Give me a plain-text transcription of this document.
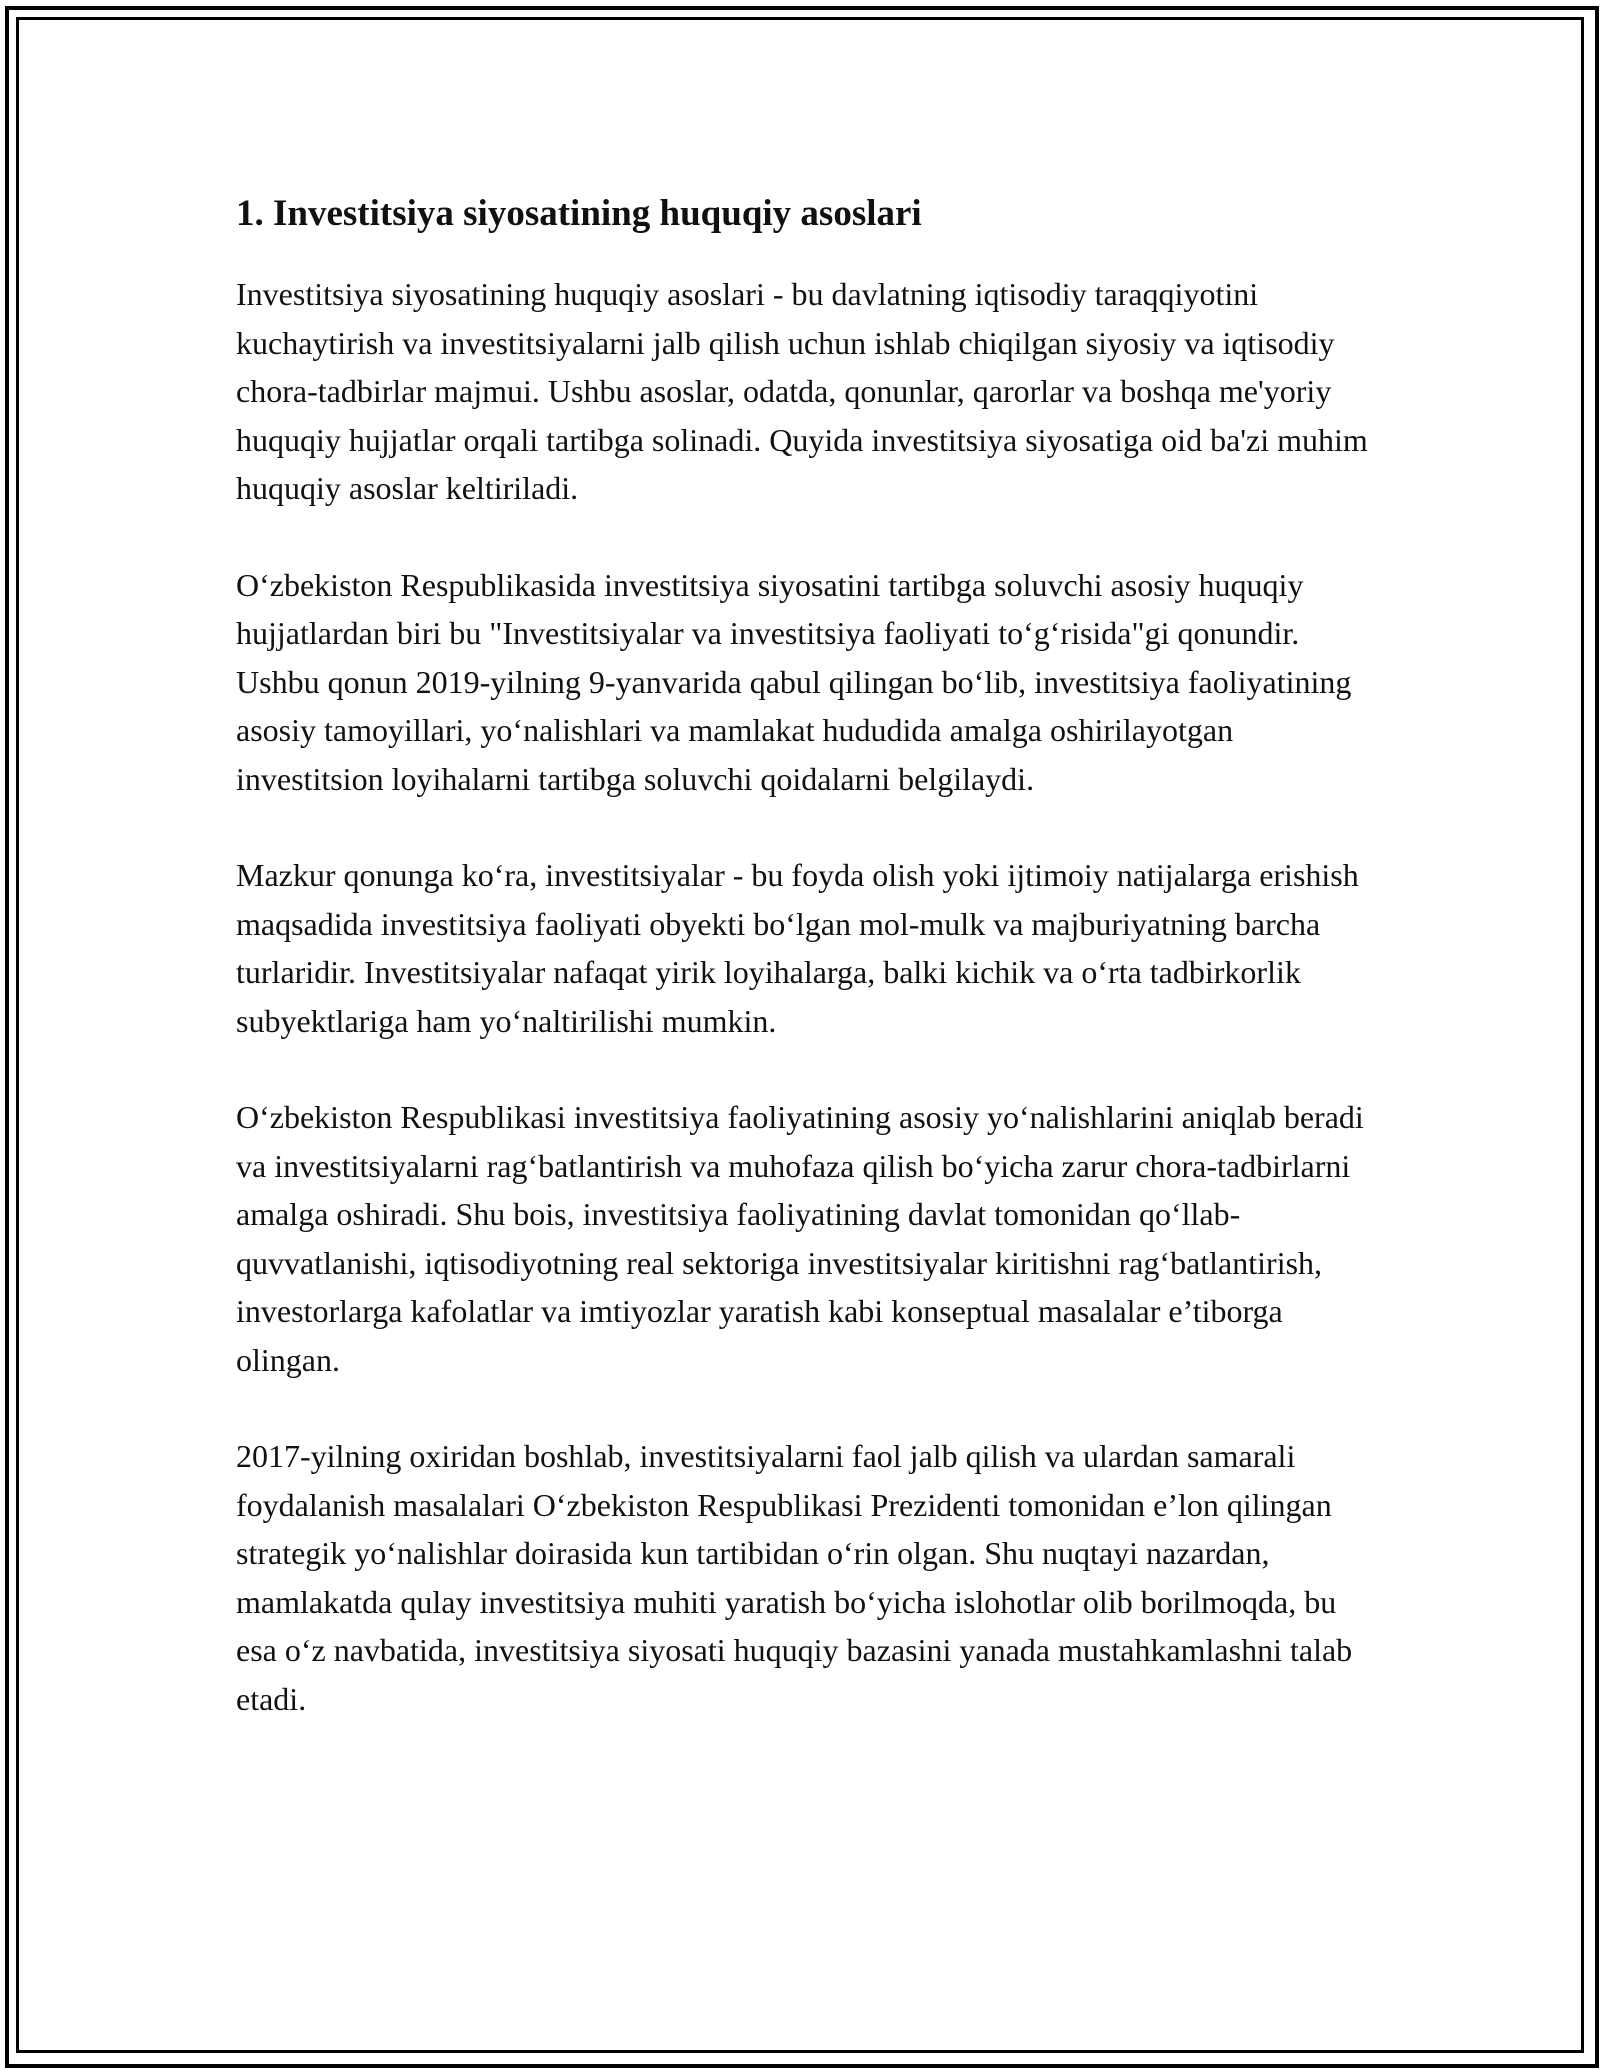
1. Investitsiya siyosatining huquqiy asoslari

Investitsiya siyosatining huquqiy asoslari - bu davlatning iqtisodiy taraqqiyotini kuchaytirish va investitsiyalarni jalb qilish uchun ishlab chiqilgan siyosiy va iqtisodiy chora-tadbirlar majmui. Ushbu asoslar, odatda, qonunlar, qarorlar va boshqa me'yoriy huquqiy hujjatlar orqali tartibga solinadi. Quyida investitsiya siyosatiga oid ba'zi muhim huquqiy asoslar keltiriladi.

O‘zbekiston Respublikasida investitsiya siyosatini tartibga soluvchi asosiy huquqiy hujjatlardan biri bu "Investitsiyalar va investitsiya faoliyati to‘g‘risida"gi qonundir. Ushbu qonun 2019-yilning 9-yanvarida qabul qilingan bo‘lib, investitsiya faoliyatining asosiy tamoyillari, yo‘nalishlari va mamlakat hududida amalga oshirilayotgan investitsion loyihalarni tartibga soluvchi qoidalarni belgilaydi.

Mazkur qonunga ko‘ra, investitsiyalar - bu foyda olish yoki ijtimoiy natijalarga erishish maqsadida investitsiya faoliyati obyekti bo‘lgan mol-mulk va majburiyatning barcha turlaridir. Investitsiyalar nafaqat yirik loyihalarga, balki kichik va o‘rta tadbirkorlik subyektlariga ham yo‘naltirilishi mumkin.

O‘zbekiston Respublikasi investitsiya faoliyatining asosiy yo‘nalishlarini aniqlab beradi va investitsiyalarni rag‘batlantirish va muhofaza qilish bo‘yicha zarur chora-tadbirlarni amalga oshiradi. Shu bois, investitsiya faoliyatining davlat tomonidan qo‘llab-quvvatlanishi, iqtisodiyotning real sektoriga investitsiyalar kiritishni rag‘batlantirish, investorlarga kafolatlar va imtiyozlar yaratish kabi konseptual masalalar e’tiborga olingan.

2017-yilning oxiridan boshlab, investitsiyalarni faol jalb qilish va ulardan samarali foydalanish masalalari O‘zbekiston Respublikasi Prezidenti tomonidan e’lon qilingan strategik yo‘nalishlar doirasida kun tartibidan o‘rin olgan. Shu nuqtayi nazardan, mamlakatda qulay investitsiya muhiti yaratish bo‘yicha islohotlar olib borilmoqda, bu esa o‘z navbatida, investitsiya siyosati huquqiy bazasini yanada mustahkamlashni talab etadi.
